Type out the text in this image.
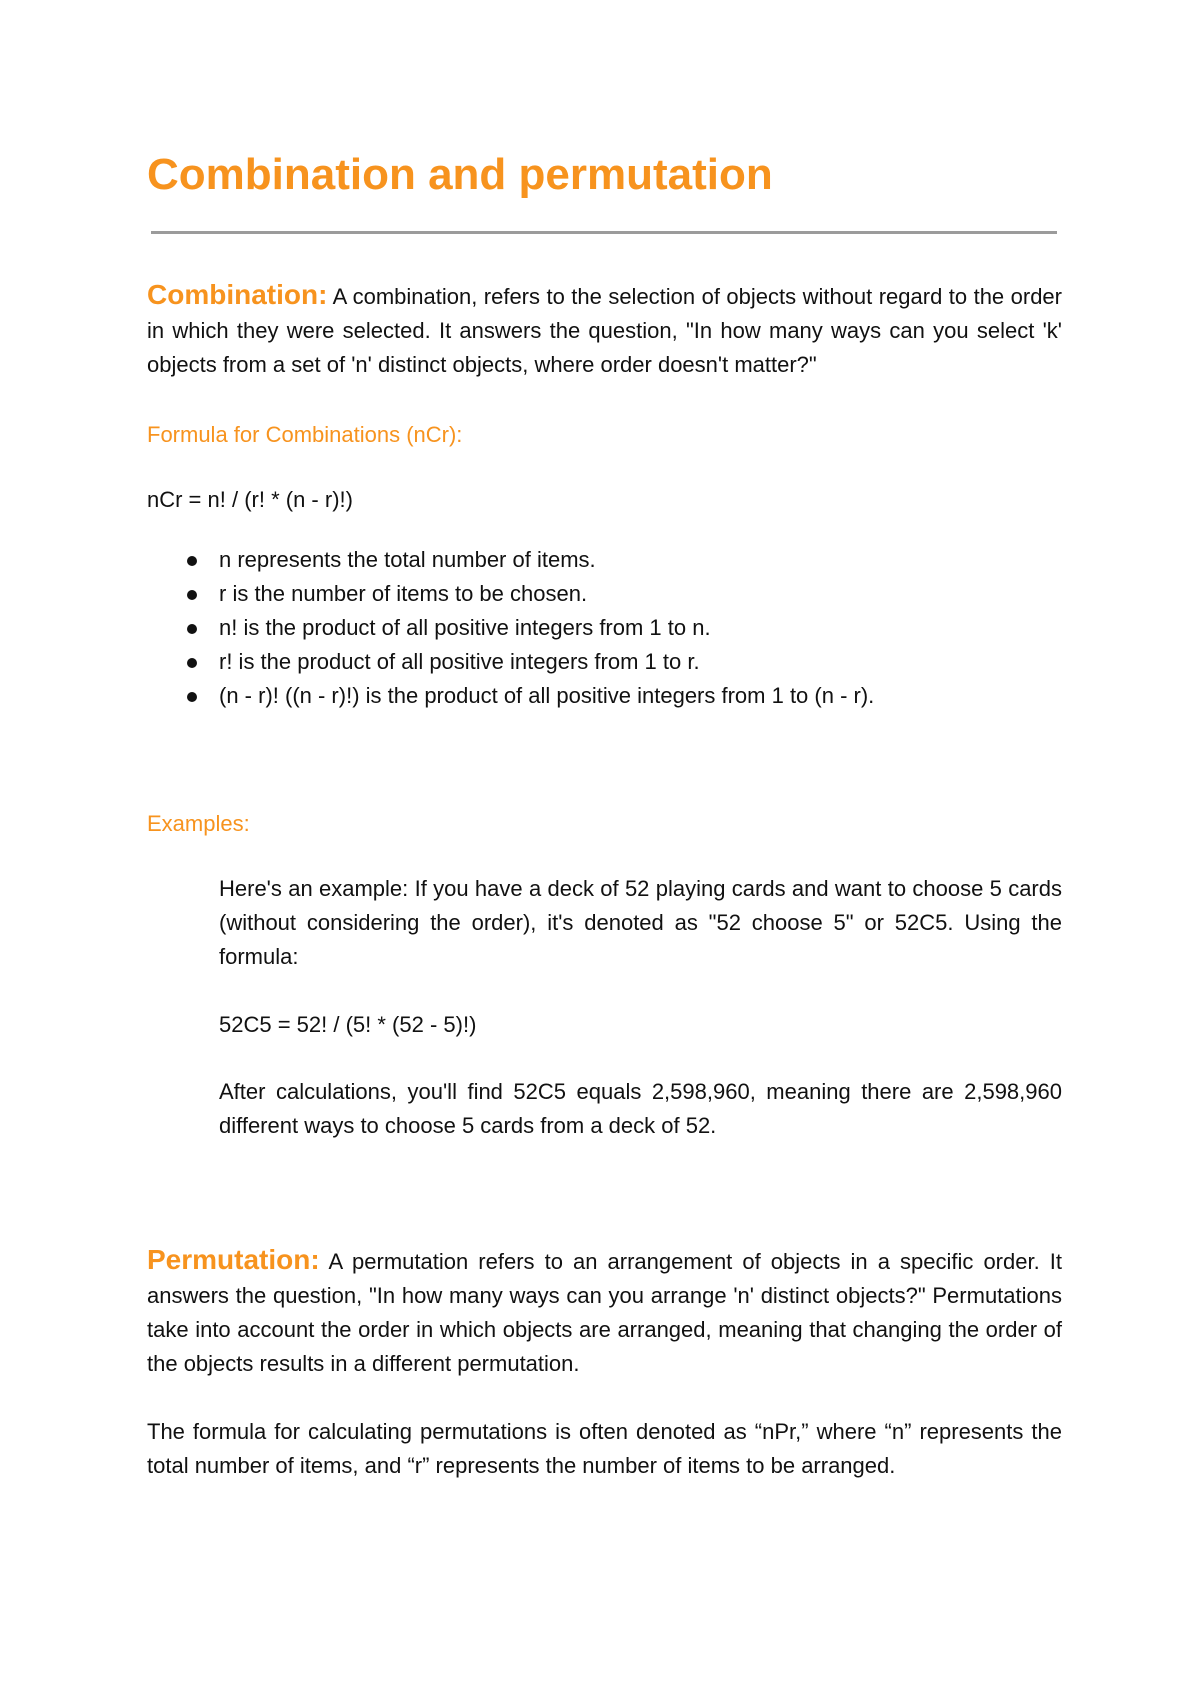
Combination and permutation

Combination: A combination, refers to the selection of objects without regard to the order in which they were selected. It answers the question, "In how many ways can you select 'k' objects from a set of 'n' distinct objects, where order doesn't matter?"

Formula for Combinations (nCr):

nCr = n! / (r! * (n - r)!)

n represents the total number of items.
r is the number of items to be chosen.
n! is the product of all positive integers from 1 to n.
r! is the product of all positive integers from 1 to r.
(n - r)! ((n - r)!) is the product of all positive integers from 1 to (n - r).

Examples:

Here's an example: If you have a deck of 52 playing cards and want to choose 5 cards (without considering the order), it's denoted as "52 choose 5" or 52C5. Using the formula:

52C5 = 52! / (5! * (52 - 5)!)

After calculations, you'll find 52C5 equals 2,598,960, meaning there are 2,598,960 different ways to choose 5 cards from a deck of 52.

Permutation: A permutation refers to an arrangement of objects in a specific order. It answers the question, "In how many ways can you arrange 'n' distinct objects?" Permutations take into account the order in which objects are arranged, meaning that changing the order of the objects results in a different permutation.

The formula for calculating permutations is often denoted as “nPr,” where “n” represents the total number of items, and “r” represents the number of items to be arranged.
